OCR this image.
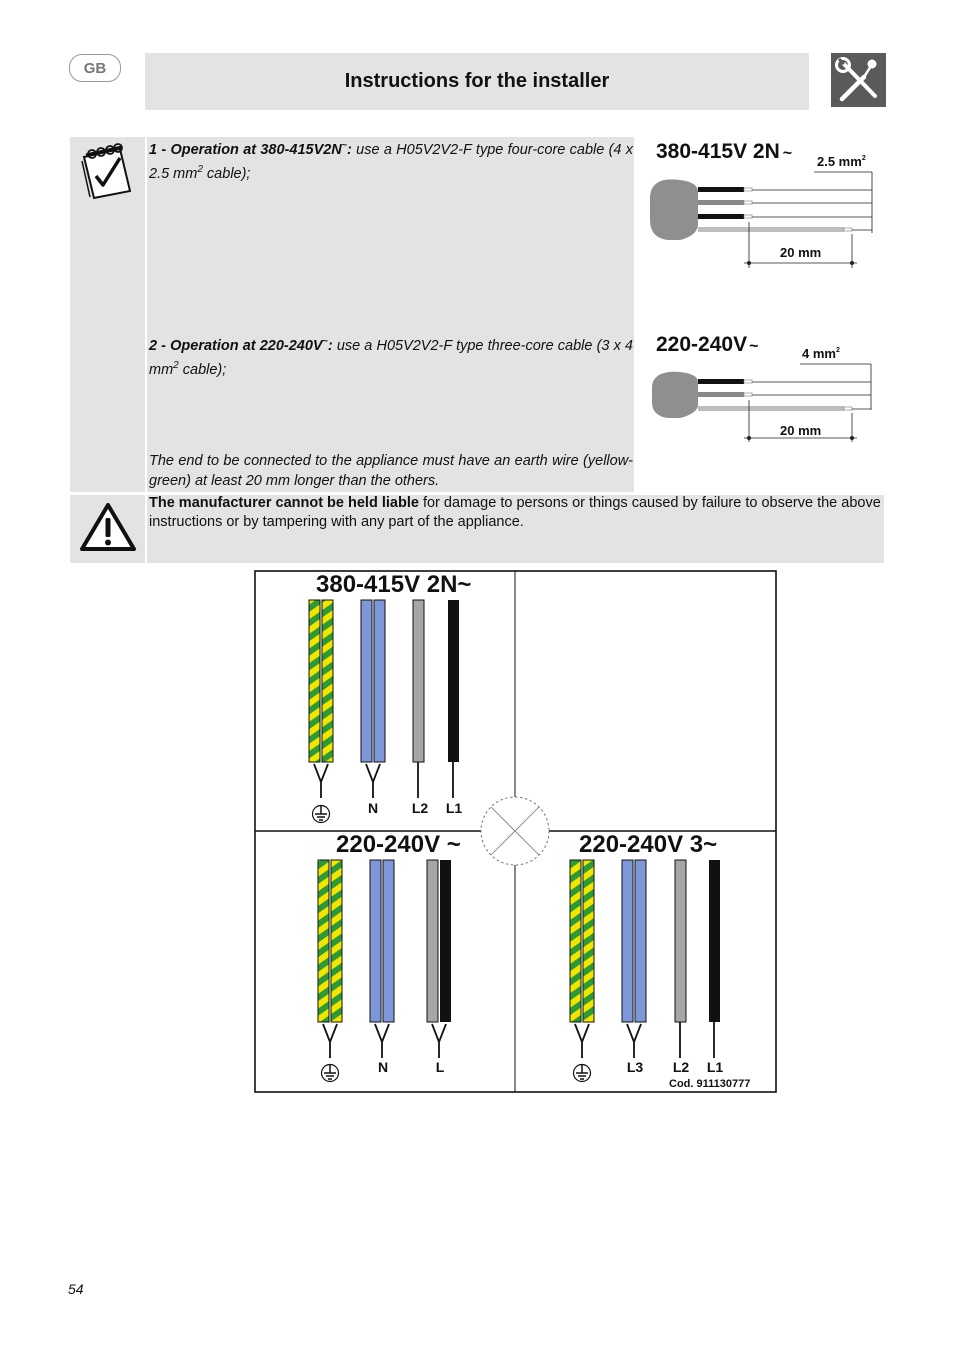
GB
Instructions for the installer

1 - Operation at 380-415V2N~: use a H05V2V2-F type four-core cable (4 x 2.5 $mm^2$ cable);

2 - Operation at 220-240V~: use a H05V2V2-F type three-core cable (3 x 4 $mm^2$ cable);

The end to be connected to the appliance must have an earth wire (yellow-green) at least 20 mm longer than the others.

380-415V 2N ~ 2.5 $mm^2$
20 mm
220-240V ~	4 $mm^2$
20 mm

The manufacturer cannot be held liable for damage to persons or things caused by failure to observe the above instructions or by tampering with any part of the appliance.

380-415V 2N~
N L2 L1
220-240V ~
N	L
220-240V 3~
L3 L2 L1
Cod. 911130777
54
